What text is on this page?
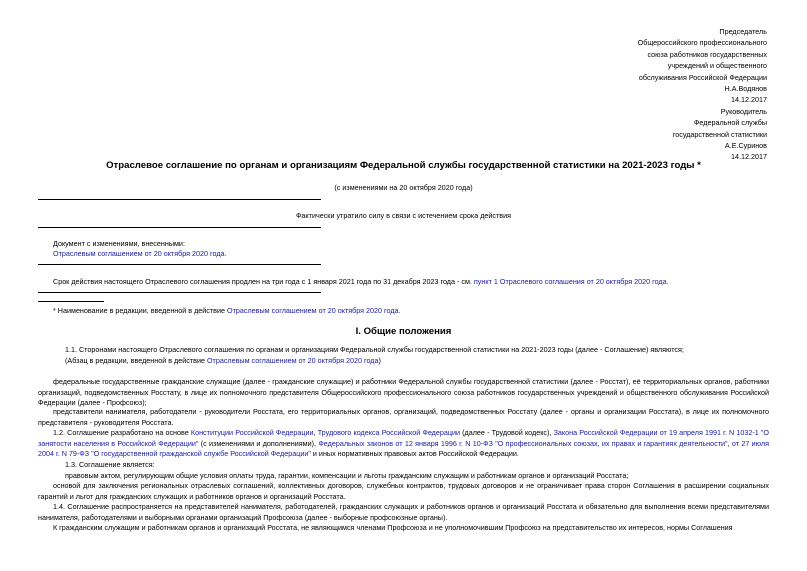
Председатель
Общероссийского профессионального
союза работников государственных
учреждений и общественного
обслуживания Российской Федерации
Н.А.Водянов
14.12.2017
Руководитель
Федеральной службы
государственной статистики
А.Е.Суринов
14.12.2017
Отраслевое соглашение по органам и организациям Федеральной службы государственной статистики на 2021-2023 годы *
(с изменениями на 20 октября 2020 года)
Фактически утратило силу в связи с истечением срока действия
Документ с изменениями, внесенными:
Отраслевым соглашением от 20 октября 2020 года.
Срок действия настоящего Отраслевого соглашения продлен на три года с 1 января 2021 года по 31 декабря 2023 года - см. пункт 1 Отраслевого соглашения от 20 октября 2020 года.
* Наименование в редакции, введенной в действие Отраслевым соглашением от 20 октября 2020 года.
I. Общие положения
1.1. Сторонами настоящего Отраслевого соглашения по органам и организациям Федеральной службы государственной статистики на 2021-2023 годы (далее - Соглашение) являются;
(Абзац в редакции, введенной в действие Отраслевым соглашением от 20 октября 2020 года)
федеральные государственные гражданские служащие (далее - гражданские служащие) и работники Федеральной службы государственной статистики (далее - Росстат), её территориальных органов, работники организаций, подведомственных Росстату, в лице их полномочного представителя Общероссийского профессионального союза работников государственных учреждений и общественного обслуживания Российской Федерации (далее - Профсоюз);
представители нанимателя, работодатели - руководители Росстата, его территориальных органов, организаций, подведомственных Росстату (далее - органы и организации Росстата), в лице их полномочного представителя - руководителя Росстата.
1.2. Соглашение разработано на основе Конституции Российской Федерации, Трудового кодекса Российской Федерации (далее - Трудовой кодекс), Закона Российской Федерации от 19 апреля 1991 г. N 1032-1 "О занятости населения в Российской Федерации" (с изменениями и дополнениями), Федеральных законов от 12 января 1996 г. N 10-ФЗ "О профессиональных союзах, их правах и гарантиях деятельности", от 27 июля 2004 г. N 79-ФЗ "О государственной гражданской службе Российской Федерации" и иных нормативных правовых актов Российской Федерации.
1.3. Соглашение является:
правовым актом, регулирующим общие условия оплаты труда, гарантии, компенсации и льготы гражданским служащим и работникам органов и организаций Росстата;
основой для заключения региональных отраслевых соглашений, коллективных договоров, служебных контрактов, трудовых договоров и не ограничивает права сторон Соглашения в расширении социальных гарантий и льгот для гражданских служащих и работников органов и организаций Росстата.
1.4. Соглашение распространяется на представителей нанимателя, работодателей, гражданских служащих и работников органов и организаций Росстата и обязательно для выполнения всеми представителями нанимателя, работодателями и выборными органами организаций Профсоюза (далее - выборные профсоюзные органы).
К гражданским служащим и работникам органов и организаций Росстата, не являющимся членами Профсоюза и не уполномочившим Профсоюз на представительство их интересов, нормы Соглашения
